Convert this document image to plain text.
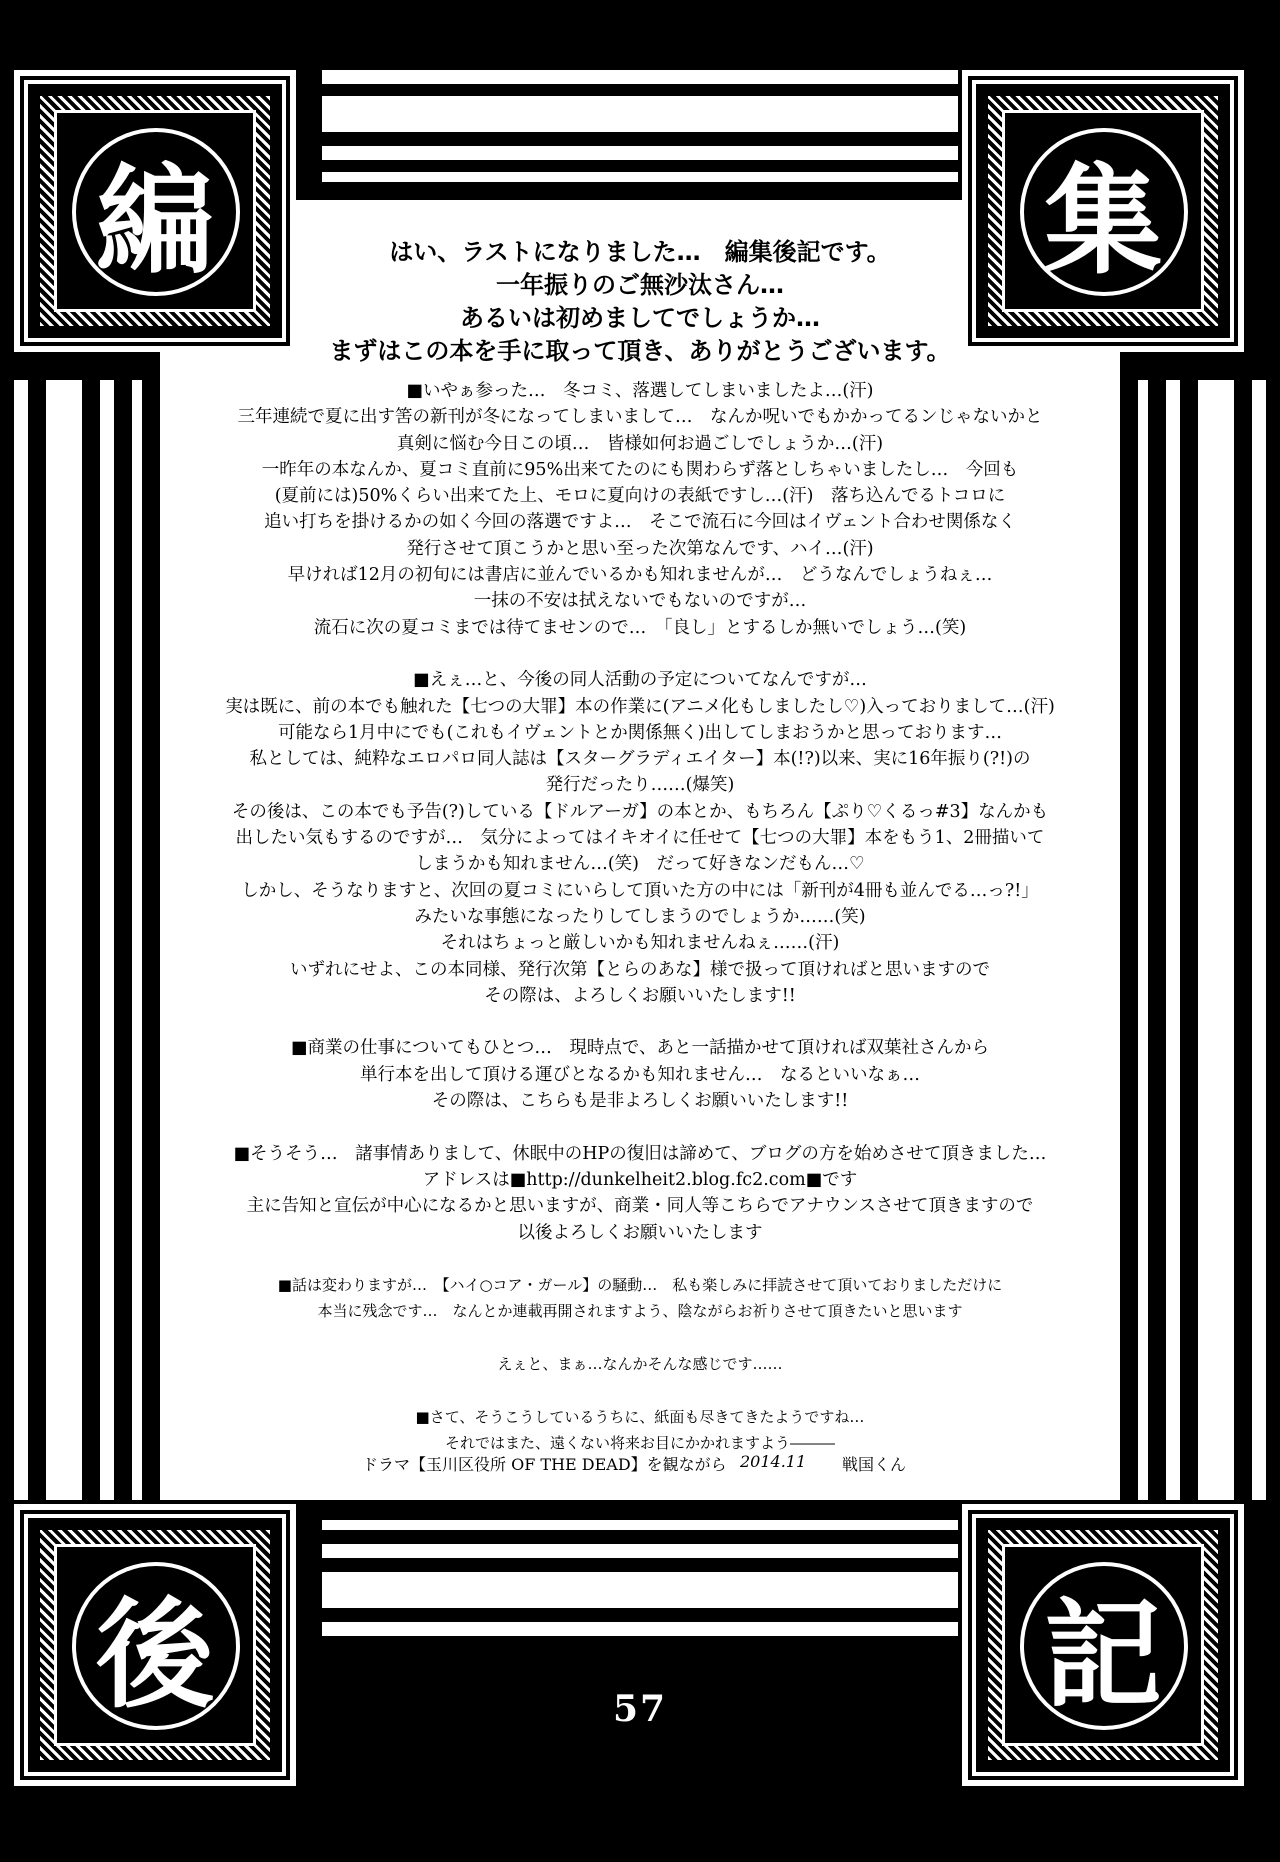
編	集
後	記
はい、ラストになりました…　編集後記です。
一年振りのご無沙汰さん…
あるいは初めましてでしょうか…
まずはこの本を手に取って頂き、ありがとうございます。
■いやぁ参った…　冬コミ、落選してしまいましたよ…(汗)
三年連続で夏に出す筈の新刊が冬になってしまいまして…　なんか呪いでもかかってるンじゃないかと
真剣に悩む今日この頃…　皆様如何お過ごしでしょうか…(汗)
一昨年の本なんか、夏コミ直前に95%出来てたのにも関わらず落としちゃいましたし…　今回も
(夏前には)50%くらい出来てた上、モロに夏向けの表紙ですし…(汗)　落ち込んでるトコロに
追い打ちを掛けるかの如く今回の落選ですよ…　そこで流石に今回はイヴェント合わせ関係なく
発行させて頂こうかと思い至った次第なんです、ハイ…(汗)
早ければ12月の初旬には書店に並んでいるかも知れませんが…　どうなんでしょうねぇ…
一抹の不安は拭えないでもないのですが…
流石に次の夏コミまでは待てませンので…　「良し」とするしか無いでしょう…(笑)
■えぇ…と、今後の同人活動の予定についてなんですが…
実は既に、前の本でも触れた【七つの大罪】本の作業に(アニメ化もしましたし♡)入っておりまして…(汗)
可能なら1月中にでも(これもイヴェントとか関係無く)出してしまおうかと思っております…
私としては、純粋なエロパロ同人誌は【スターグラディエイター】本(!?)以来、実に16年振り(?!)の
発行だったり……(爆笑)
その後は、この本でも予告(?)している【ドルアーガ】の本とか、もちろん【ぷり♡くるっ#3】なんかも
出したい気もするのですが…　気分によってはイキオイに任せて【七つの大罪】本をもう1、2冊描いて
しまうかも知れません…(笑)　だって好きなンだもん…♡
しかし、そうなりますと、次回の夏コミにいらして頂いた方の中には「新刊が4冊も並んでる…っ?!」
みたいな事態になったりしてしまうのでしょうか……(笑)
それはちょっと厳しいかも知れませんねぇ……(汗)
いずれにせよ、この本同様、発行次第【とらのあな】様で扱って頂ければと思いますので
その際は、よろしくお願いいたします!!
■商業の仕事についてもひとつ…　現時点で、あと一話描かせて頂ければ双葉社さんから
単行本を出して頂ける運びとなるかも知れません…　なるといいなぁ…
その際は、こちらも是非よろしくお願いいたします!!
■そうそう…　諸事情ありまして、休眠中のHPの復旧は諦めて、ブログの方を始めさせて頂きました…
アドレスは■http://dunkelheit2.blog.fc2.com■です
主に告知と宣伝が中心になるかと思いますが、商業・同人等こちらでアナウンスさせて頂きますので
以後よろしくお願いいたします
■話は変わりますが…　【ハイ○コア・ガール】の騒動…　私も楽しみに拝読させて頂いておりましただけに
本当に残念です…　なんとか連載再開されますよう、陰ながらお祈りさせて頂きたいと思います
えぇと、まぁ…なんかそんな感じです……
■さて、そうこうしているうちに、紙面も尽きてきたようですね…
それではまた、遠くない将来お目にかかれますよう―――
ドラマ【玉川区役所 OF THE DEAD】を観ながら 2014.11 戦国くん
57
